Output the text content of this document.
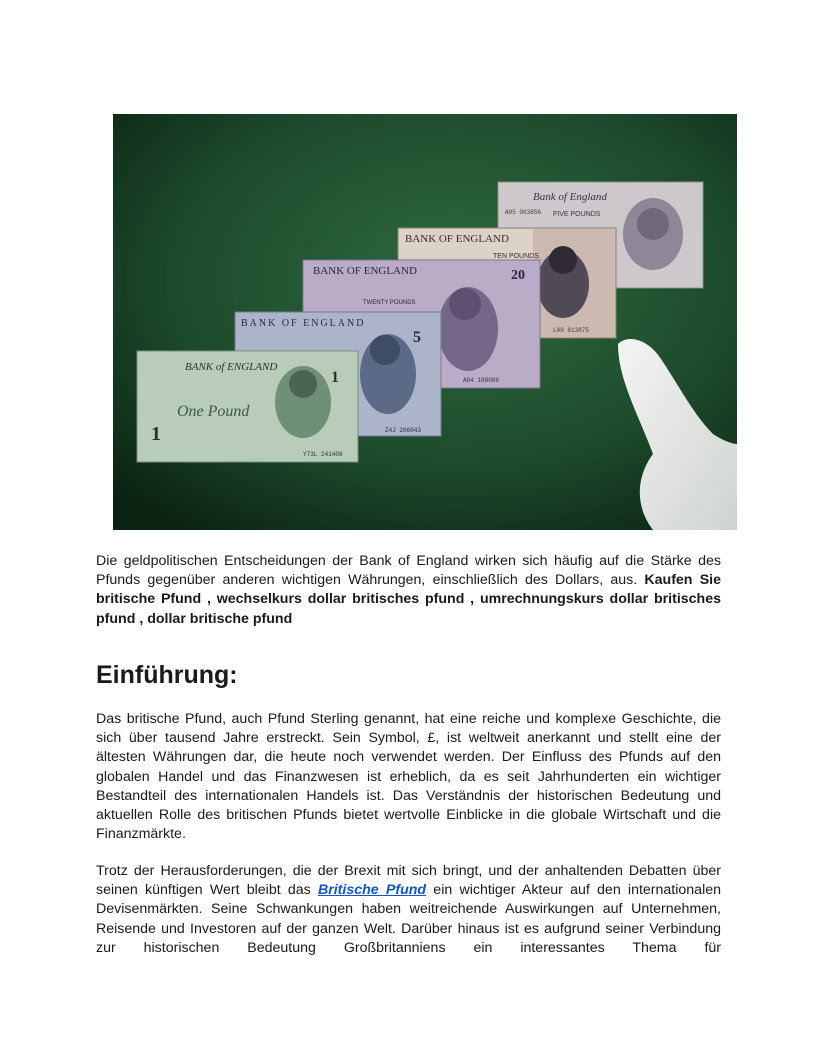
Bank of England
FIVE POUNDS
A05 003856
BANK OF ENGLAND
TEN POUNDS
L00 813875
BANK OF ENGLAND	20
TWENTY POUNDS
A04 188089
BANK OF ENGLAND
5
Z4J 206043
BANK of ENGLAND
One Pound
1
1
Y73L 241408

Die geldpolitischen Entscheidungen der Bank of England wirken sich häufig auf die Stärke des Pfunds gegenüber anderen wichtigen Währungen, einschließlich des Dollars, aus. Kaufen Sie britische Pfund , wechselkurs dollar britisches pfund , umrechnungskurs dollar britisches pfund , dollar britische pfund

Einführung:

Das britische Pfund, auch Pfund Sterling genannt, hat eine reiche und komplexe Geschichte, die sich über tausend Jahre erstreckt. Sein Symbol, £, ist weltweit anerkannt und stellt eine der ältesten Währungen dar, die heute noch verwendet werden. Der Einfluss des Pfunds auf den globalen Handel und das Finanzwesen ist erheblich, da es seit Jahrhunderten ein wichtiger Bestandteil des internationalen Handels ist. Das Verständnis der historischen Bedeutung und aktuellen Rolle des britischen Pfunds bietet wertvolle Einblicke in die globale Wirtschaft und die Finanzmärkte.

Trotz der Herausforderungen, die der Brexit mit sich bringt, und der anhaltenden Debatten über seinen künftigen Wert bleibt das Britische Pfund ein wichtiger Akteur auf den internationalen Devisenmärkten. Seine Schwankungen haben weitreichende Auswirkungen auf Unternehmen, Reisende und Investoren auf der ganzen Welt. Darüber hinaus ist es aufgrund seiner Verbindung zur historischen Bedeutung Großbritanniens ein interessantes Thema für
